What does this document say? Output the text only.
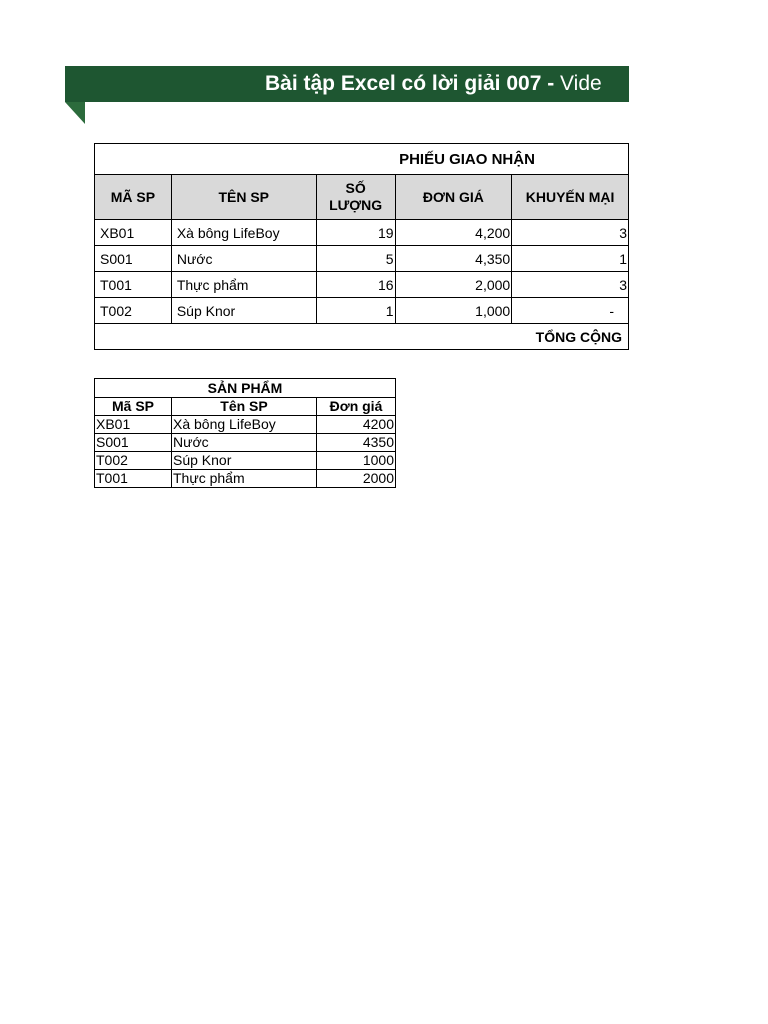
Bài tập Excel có lời giải 007 - Vide
PHIẾU GIAO NHẬN				
MÃ SP	TÊN SP	SỐ LƯỢNG	ĐƠN GIÁ	KHUYẾN MẠI
XB01	Xà bông LifeBoy	19	4,200	3
S001	Nước	5	4,350	1
T001	Thực phẩm	16	2,000	3
T002	Súp Knor	1	1,000	-
TỔNG CỘNG				
SẢN PHẨM		
Mã SP	Tên SP	Đơn giá
XB01	Xà bông LifeBoy	4200
S001	Nước	4350
T002	Súp Knor	1000
T001	Thực phẩm	2000
